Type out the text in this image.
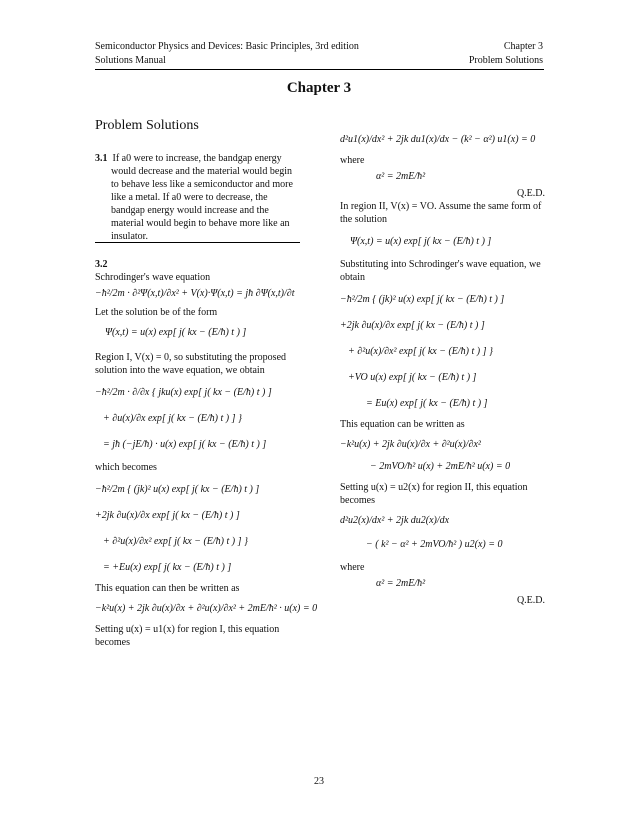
Semiconductor Physics and Devices: Basic Principles, 3rd edition
Solutions Manual
Chapter 3
Problem Solutions
Chapter 3
Problem Solutions
3.1 If a0 were to increase, the bandgap energy would decrease and the material would begin to behave less like a semiconductor and more like a metal. If a0 were to decrease, the bandgap energy would increase and the material would begin to behave more like an insulator.
3.2
Schrodinger's wave equation
−ħ²/2m · ∂²Ψ(x,t)/∂x² + V(x)·Ψ(x,t) = jħ ∂Ψ(x,t)/∂t
Let the solution be of the form
Ψ(x,t) = u(x) exp[ j( kx − (E/ħ) t ) ]
Region I, V(x) = 0, so substituting the proposed solution into the wave equation, we obtain
−ħ²/2m · ∂/∂x { jku(x) exp[ j( kx − (E/ħ) t ) ]
+ ∂u(x)/∂x exp[ j( kx − (E/ħ) t ) ] }
= jħ (−jE/ħ) · u(x) exp[ j( kx − (E/ħ) t ) ]
which becomes
−ħ²/2m { (jk)² u(x) exp[ j( kx − (E/ħ) t ) ]
+2jk ∂u(x)/∂x exp[ j( kx − (E/ħ) t ) ]
+ ∂²u(x)/∂x² exp[ j( kx − (E/ħ) t ) ] }
= +Eu(x) exp[ j( kx − (E/ħ) t ) ]
This equation can then be written as
−k²u(x) + 2jk ∂u(x)/∂x + ∂²u(x)/∂x² + 2mE/ħ² · u(x) = 0
Setting u(x) = u1(x) for region I, this equation becomes
d²u1(x)/dx² + 2jk du1(x)/dx − (k² − α²) u1(x) = 0
where
α² = 2mE/ħ²
Q.E.D.
In region II, V(x) = VO. Assume the same form of the solution
Ψ(x,t) = u(x) exp[ j( kx − (E/ħ) t ) ]
Substituting into Schrodinger's wave equation, we obtain
−ħ²/2m { (jk)² u(x) exp[ j( kx − (E/ħ) t ) ]
+2jk ∂u(x)/∂x exp[ j( kx − (E/ħ) t ) ]
+ ∂²u(x)/∂x² exp[ j( kx − (E/ħ) t ) ] }
+VO u(x) exp[ j( kx − (E/ħ) t ) ]
= Eu(x) exp[ j( kx − (E/ħ) t ) ]
This equation can be written as
−k²u(x) + 2jk ∂u(x)/∂x + ∂²u(x)/∂x²
− 2mVO/ħ² u(x) + 2mE/ħ² u(x) = 0
Setting u(x) = u2(x) for region II, this equation becomes
d²u2(x)/dx² + 2jk du2(x)/dx
− ( k² − α² + 2mVO/ħ² ) u2(x) = 0
where
α² = 2mE/ħ²
Q.E.D.
23
